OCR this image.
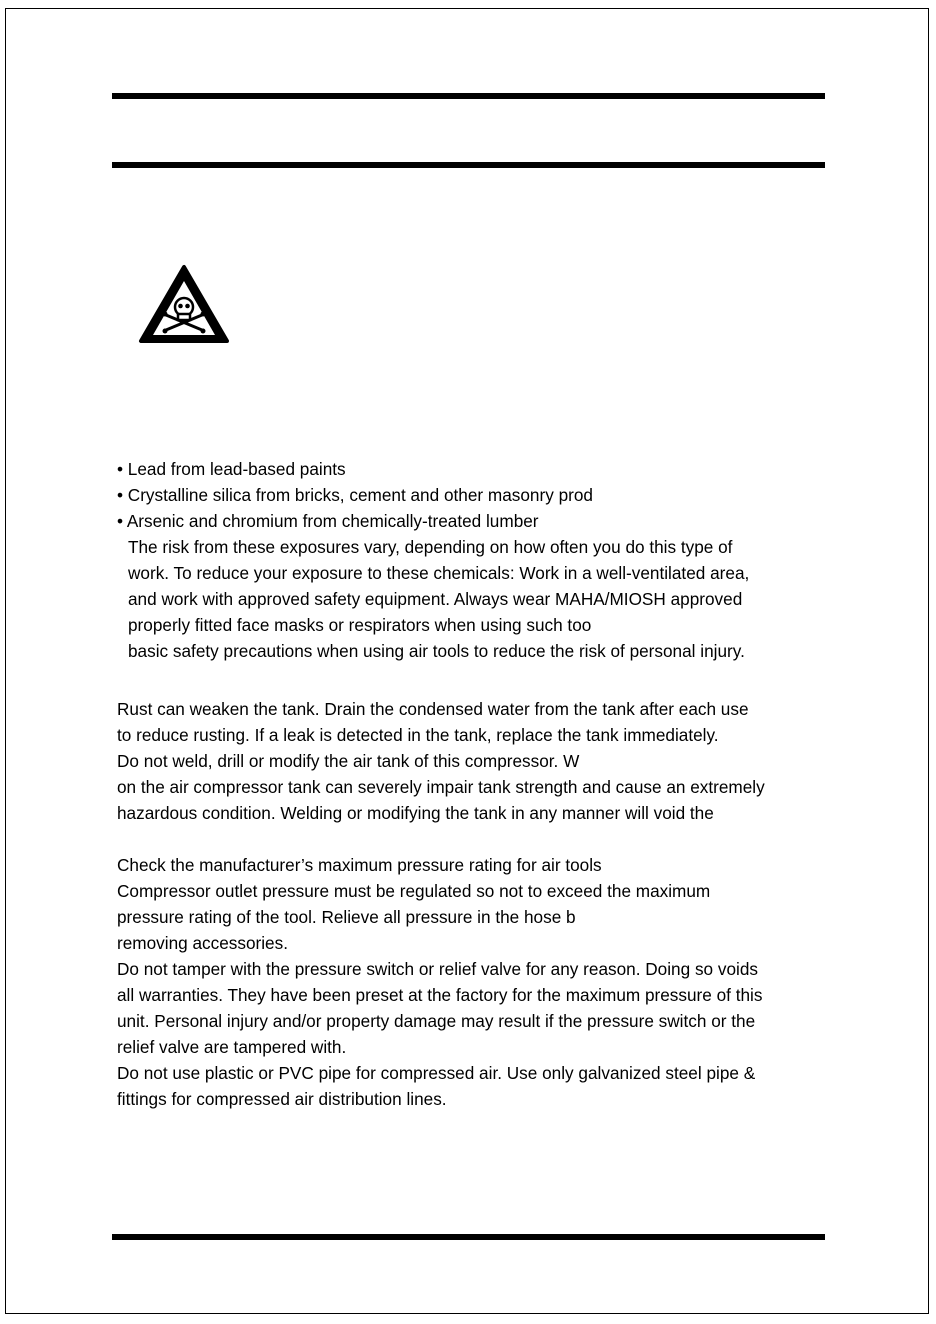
• Lead from lead-based paints
• Crystalline silica from bricks, cement and other masonry prod
• Arsenic and chromium from chemically-treated lumber
The risk from these exposures vary, depending on how often you do this type of
work. To reduce your exposure to these chemicals: Work in a well-ventilated area,
and work with approved safety equipment. Always wear MAHA/MIOSH approved
properly fitted face masks or respirators when using such too
basic safety precautions when using air tools to reduce the risk of personal injury.
Rust can weaken the tank. Drain the condensed water from the tank after each use
to reduce rusting. If a leak is detected in the tank, replace the tank immediately.
Do not weld, drill or modify the air tank of this compressor. W
on the air compressor tank can severely impair tank strength and cause an extremely
hazardous condition. Welding or modifying the tank in any manner will void the
Check the manufacturer’s maximum pressure rating for air tools
Compressor outlet pressure must be regulated so not to exceed the maximum
pressure rating of the tool. Relieve all pressure in the hose b
removing accessories.
Do not tamper with the pressure switch or relief valve for any reason. Doing so voids
all warranties. They have been preset at the factory for the maximum pressure of this
unit. Personal injury and/or property damage may result if the pressure switch or the
relief valve are tampered with.
Do not use plastic or PVC pipe for compressed air. Use only galvanized steel pipe &
fittings for compressed air distribution lines.
